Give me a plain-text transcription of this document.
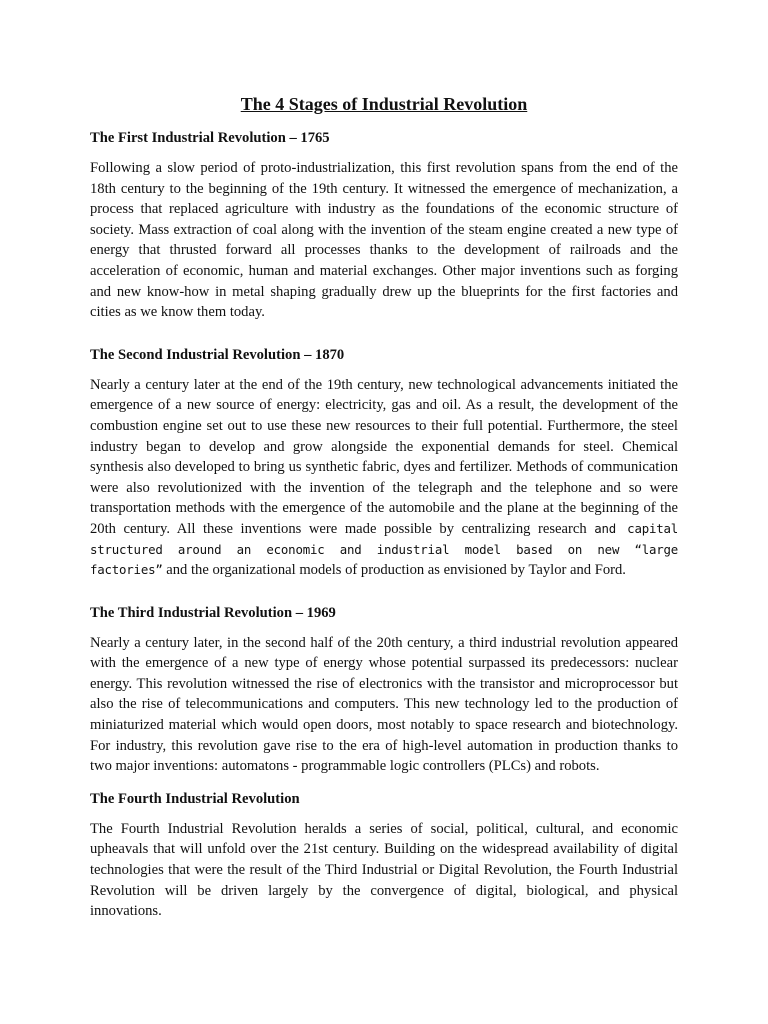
The 4 Stages of Industrial Revolution
The First Industrial Revolution – 1765

Following a slow period of proto-industrialization, this first revolution spans from the end of the 18th century to the beginning of the 19th century. It witnessed the emergence of mechanization, a process that replaced agriculture with industry as the foundations of the economic structure of society. Mass extraction of coal along with the invention of the steam engine created a new type of energy that thrusted forward all processes thanks to the development of railroads and the acceleration of economic, human and material exchanges. Other major inventions such as forging and new know-how in metal shaping gradually drew up the blueprints for the first factories and cities as we know them today.

The Second Industrial Revolution – 1870

Nearly a century later at the end of the 19th century, new technological advancements initiated the emergence of a new source of energy: electricity, gas and oil. As a result, the development of the combustion engine set out to use these new resources to their full potential. Furthermore, the steel industry began to develop and grow alongside the exponential demands for steel. Chemical synthesis also developed to bring us synthetic fabric, dyes and fertilizer. Methods of communication were also revolutionized with the invention of the telegraph and the telephone and so were transportation methods with the emergence of the automobile and the plane at the beginning of the 20th century. All these inventions were made possible by centralizing research and capital structured around an economic and industrial model based on new “large factories” and the organizational models of production as envisioned by Taylor and Ford.

The Third Industrial Revolution – 1969

Nearly a century later, in the second half of the 20th century, a third industrial revolution appeared with the emergence of a new type of energy whose potential surpassed its predecessors: nuclear energy. This revolution witnessed the rise of electronics with the transistor and microprocessor but also the rise of telecommunications and computers. This new technology led to the production of miniaturized material which would open doors, most notably to space research and biotechnology. For industry, this revolution gave rise to the era of high-level automation in production thanks to two major inventions: automatons - programmable logic controllers (PLCs) and robots.

The Fourth Industrial Revolution

The Fourth Industrial Revolution heralds a series of social, political, cultural, and economic upheavals that will unfold over the 21st century. Building on the widespread availability of digital technologies that were the result of the Third Industrial or Digital Revolution, the Fourth Industrial Revolution will be driven largely by the convergence of digital, biological, and physical innovations.
